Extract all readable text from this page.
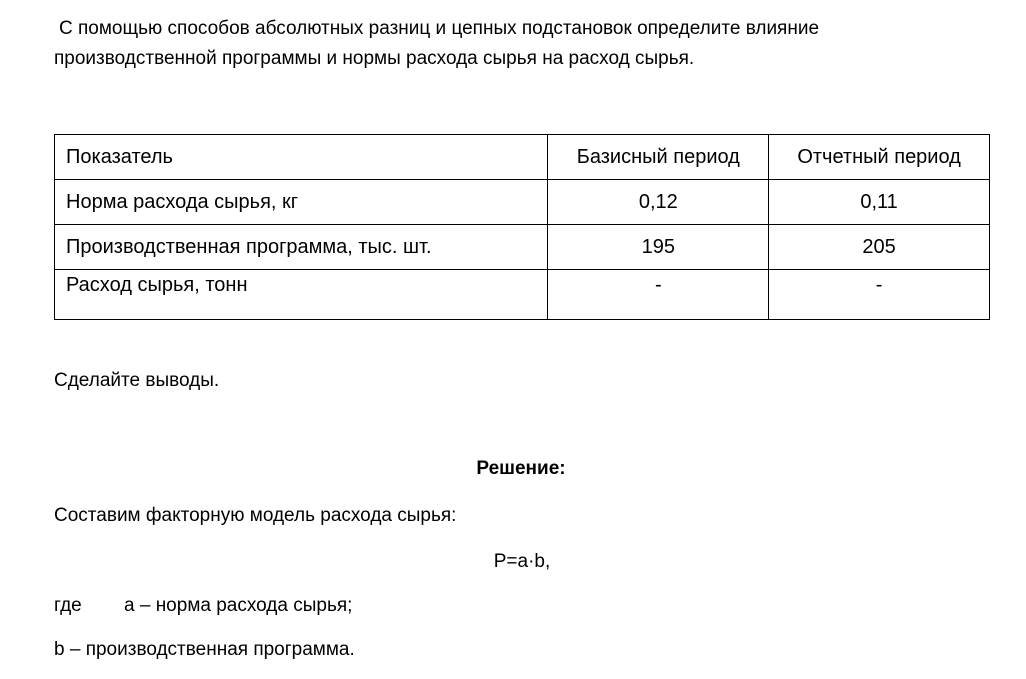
С помощью способов абсолютных разниц и цепных подстановок определите влияние
производственной программы и нормы расхода сырья на расход сырья.
Показатель	Базисный период	Отчетный период
Норма расхода сырья, кг	0,12	0,11
Производственная программа, тыс. шт.	195	205
Расход сырья, тонн	-	-

Сделайте выводы.

Решение:

Составим факторную модель расхода сырья:

P=a·b,

где a – норма расхода сырья;

b – производственная программа.
